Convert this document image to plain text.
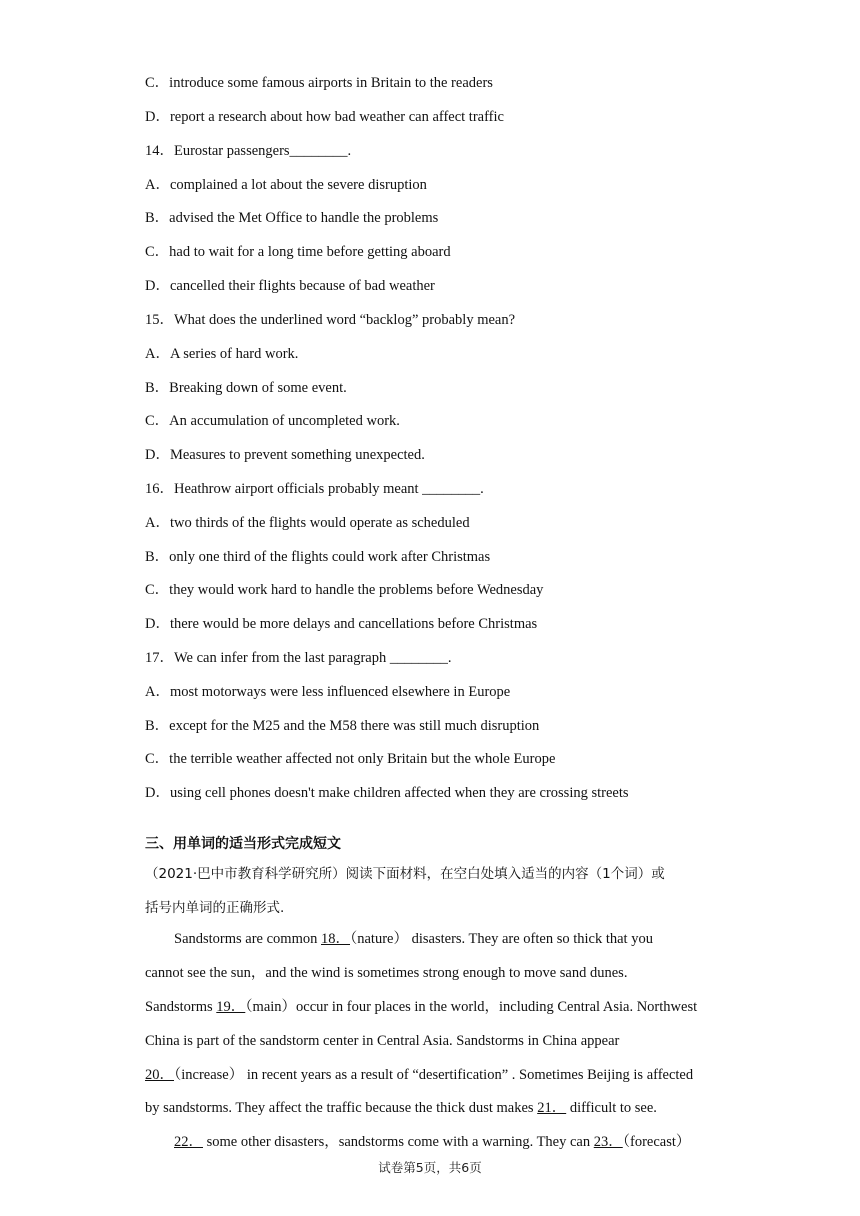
C．introduce some famous airports in Britain to the readers
D．report a research about how bad weather can affect traffic
14．Eurostar passengers________.
A．complained a lot about the severe disruption
B．advised the Met Office to handle the problems
C．had to wait for a long time before getting aboard
D．cancelled their flights because of bad weather
15．What does the underlined word “backlog” probably mean?
A．A series of hard work.
B．Breaking down of some event.
C．An accumulation of uncompleted work.
D．Measures to prevent something unexpected.
16．Heathrow airport officials probably meant ________.
A．two thirds of the flights would operate as scheduled
B．only one third of the flights could work after Christmas
C．they would work hard to handle the problems before Wednesday
D．there would be more delays and cancellations before Christmas
17．We can infer from the last paragraph ________.
A．most motorways were less influenced elsewhere in Europe
B．except for the M25 and the M58 there was still much disruption
C．the terrible weather affected not only Britain but the whole Europe
D．using cell phones doesn't make children affected when they are crossing streets
三、用单词的适当形式完成短文
（2021·巴中市教育科学研究所）阅读下面材料，在空白处填入适当的内容（1个词）或
括号内单词的正确形式.
Sandstorms are common 18．（nature） disasters. They are often so thick that you
cannot see the sun，and the wind is sometimes strong enough to move sand dunes.
Sandstorms 19．（main）occur in four places in the world，including Central Asia. Northwest
China is part of the sandstorm center in Central Asia. Sandstorms in China appear
20．（increase） in recent years as a result of “desertification” . Sometimes Beijing is affected
by sandstorms. They affect the traffic because the thick dust makes 21． difficult to see.
22． some other disasters，sandstorms come with a warning. They can 23．（forecast）
试卷第5页，共6页
